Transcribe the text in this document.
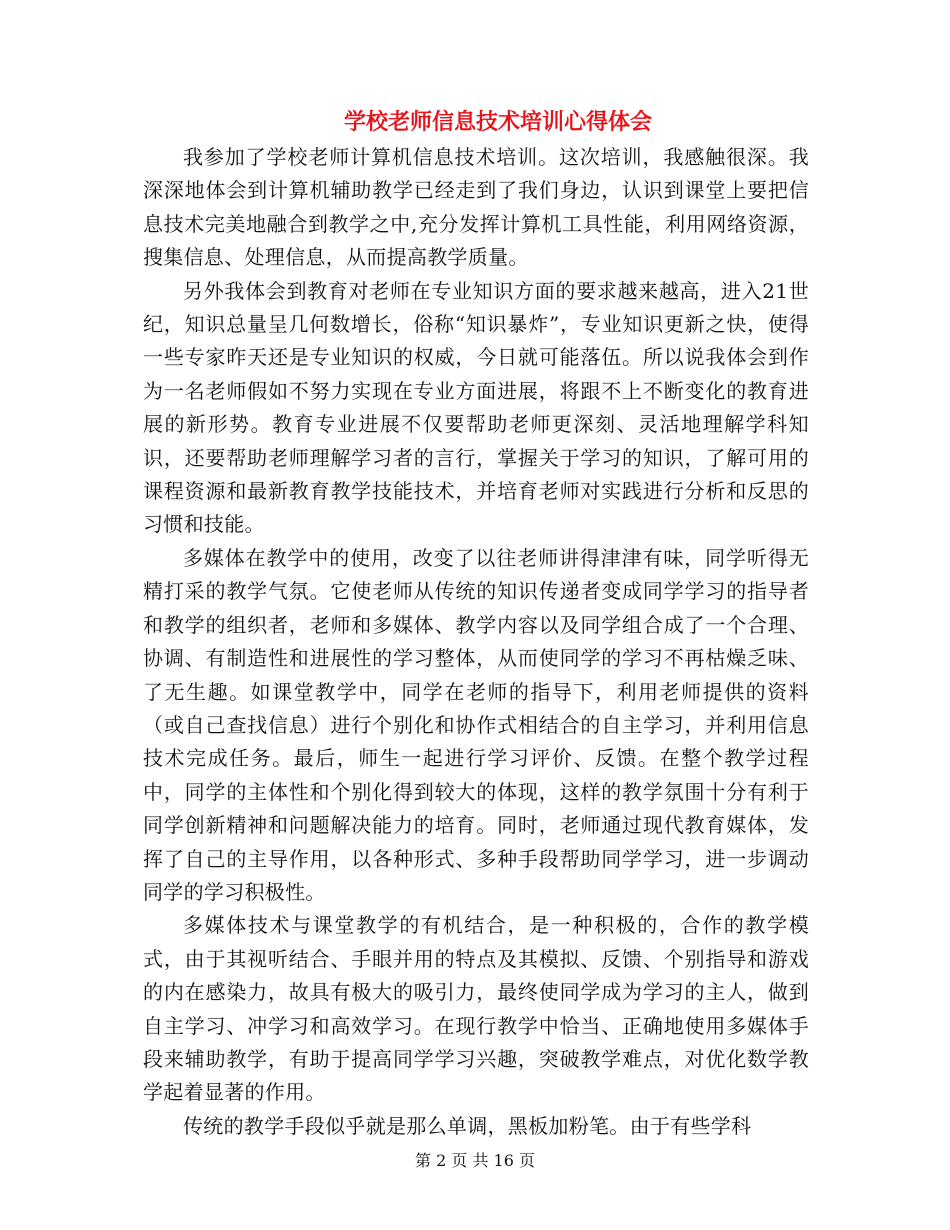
学校老师信息技术培训心得体会

我参加了学校老师计算机信息技术培训。这次培训，我感触很深。我深深地体会到计算机辅助教学已经走到了我们身边，认识到课堂上要把信息技术完美地融合到教学之中,充分发挥计算机工具性能，利用网络资源，搜集信息、处理信息，从而提高教学质量。

另外我体会到教育对老师在专业知识方面的要求越来越高，进入21世纪，知识总量呈几何数增长，俗称“知识暴炸”，专业知识更新之快，使得一些专家昨天还是专业知识的权威，今日就可能落伍。所以说我体会到作为一名老师假如不努力实现在专业方面进展，将跟不上不断变化的教育进展的新形势。教育专业进展不仅要帮助老师更深刻、灵活地理解学科知识，还要帮助老师理解学习者的言行，掌握关于学习的知识，了解可用的课程资源和最新教育教学技能技术，并培育老师对实践进行分析和反思的习惯和技能。

多媒体在教学中的使用，改变了以往老师讲得津津有味，同学听得无精打采的教学气氛。它使老师从传统的知识传递者变成同学学习的指导者和教学的组织者，老师和多媒体、教学内容以及同学组合成了一个合理、协调、有制造性和进展性的学习整体，从而使同学的学习不再枯燥乏味、了无生趣。如课堂教学中，同学在老师的指导下，利用老师提供的资料（或自己查找信息）进行个别化和协作式相结合的自主学习，并利用信息技术完成任务。最后，师生一起进行学习评价、反馈。在整个教学过程中，同学的主体性和个别化得到较大的体现，这样的教学氛围十分有利于同学创新精神和问题解决能力的培育。同时，老师通过现代教育媒体，发挥了自己的主导作用，以各种形式、多种手段帮助同学学习，进一步调动同学的学习积极性。

多媒体技术与课堂教学的有机结合，是一种积极的，合作的教学模式，由于其视听结合、手眼并用的特点及其模拟、反馈、个别指导和游戏的内在感染力，故具有极大的吸引力，最终使同学成为学习的主人，做到自主学习、冲学习和高效学习。在现行教学中恰当、正确地使用多媒体手段来辅助教学，有助于提高同学学习兴趣，突破教学难点，对优化数学教学起着显著的作用。

传统的教学手段似乎就是那么单调，黑板加粉笔。由于有些学科

第 2 页 共 16 页
